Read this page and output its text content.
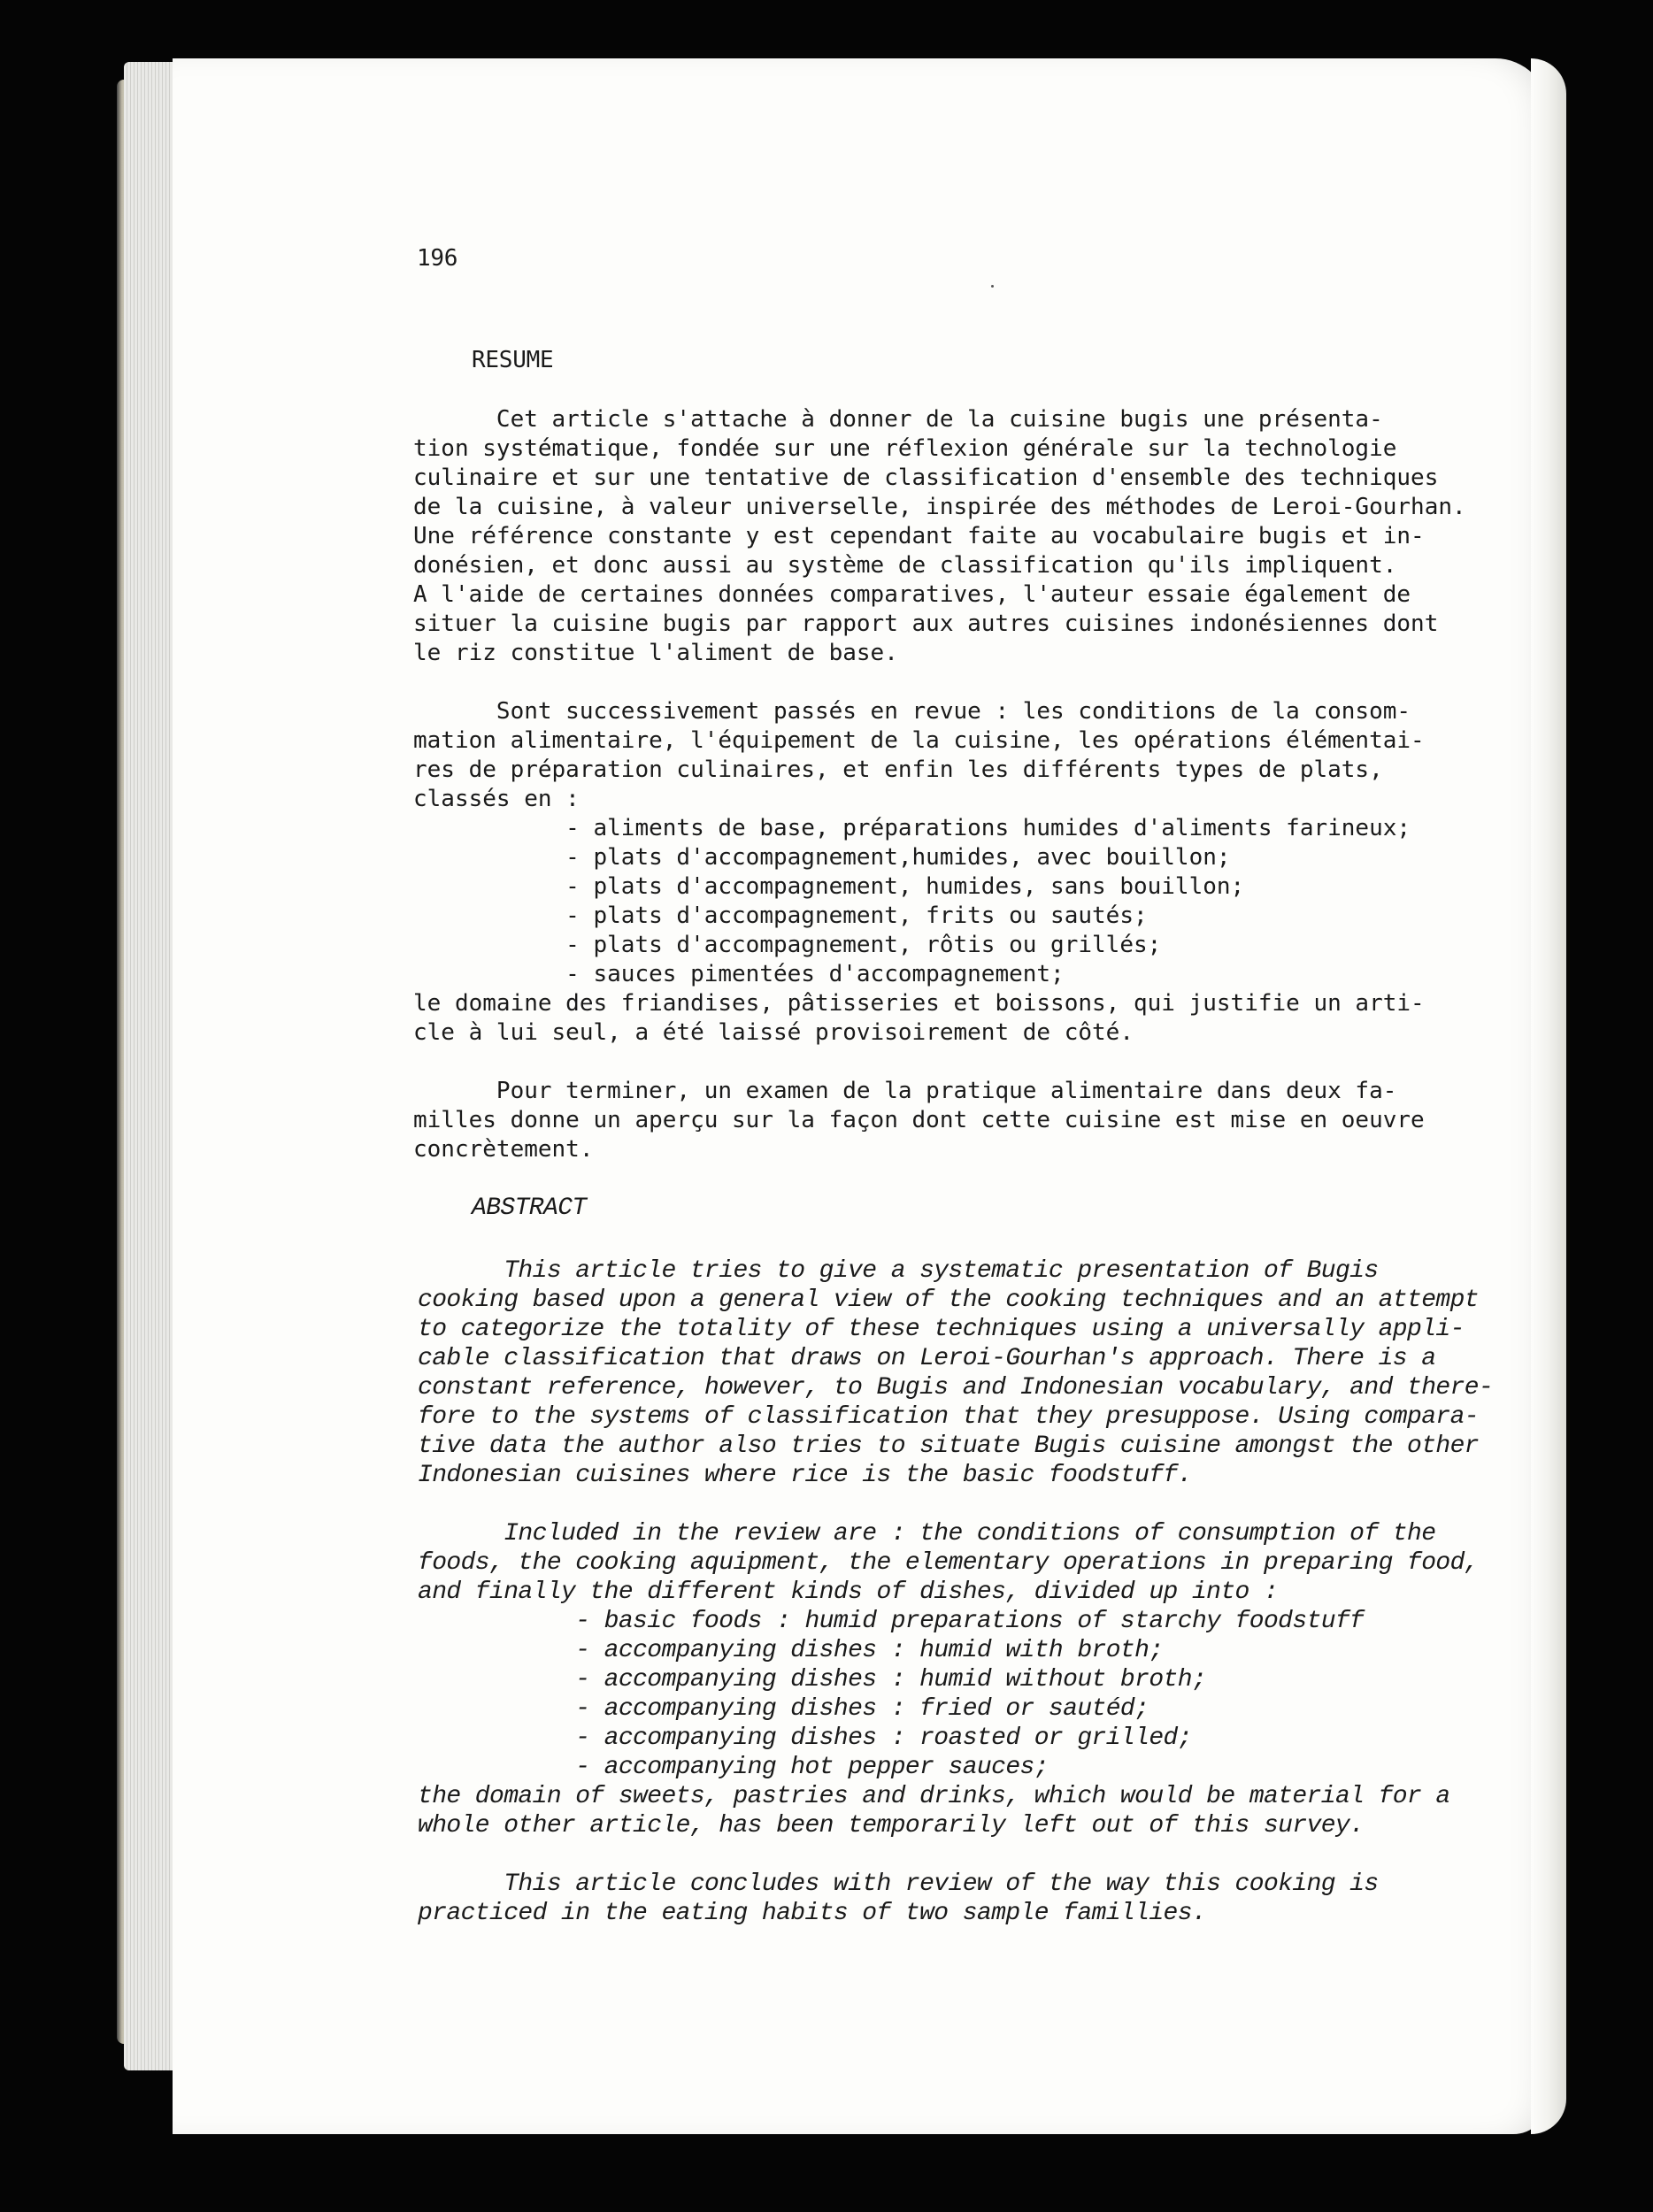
196
RESUME
Cet article s'attache à donner de la cuisine bugis une présenta-
tion systématique, fondée sur une réflexion générale sur la technologie
culinaire et sur une tentative de classification d'ensemble des techniques
de la cuisine, à valeur universelle, inspirée des méthodes de Leroi-Gourhan.
Une référence constante y est cependant faite au vocabulaire bugis et in-
donésien, et donc aussi au système de classification qu'ils impliquent.
A l'aide de certaines données comparatives, l'auteur essaie également de
situer la cuisine bugis par rapport aux autres cuisines indonésiennes dont
le riz constitue l'aliment de base.
Sont successivement passés en revue : les conditions de la consom-
mation alimentaire, l'équipement de la cuisine, les opérations élémentai-
res de préparation culinaires, et enfin les différents types de plats,
classés en :
- aliments de base, préparations humides d'aliments farineux;
- plats d'accompagnement,humides, avec bouillon;
- plats d'accompagnement, humides, sans bouillon;
- plats d'accompagnement, frits ou sautés;
- plats d'accompagnement, rôtis ou grillés;
- sauces pimentées d'accompagnement;
le domaine des friandises, pâtisseries et boissons, qui justifie un arti-
cle à lui seul, a été laissé provisoirement de côté.
Pour terminer, un examen de la pratique alimentaire dans deux fa-
milles donne un aperçu sur la façon dont cette cuisine est mise en oeuvre
concrètement.
ABSTRACT
This article tries to give a systematic presentation of Bugis
cooking based upon a general view of the cooking techniques and an attempt
to categorize the totality of these techniques using a universally appli-
cable classification that draws on Leroi-Gourhan's approach. There is a
constant reference, however, to Bugis and Indonesian vocabulary, and there-
fore to the systems of classification that they presuppose. Using compara-
tive data the author also tries to situate Bugis cuisine amongst the other
Indonesian cuisines where rice is the basic foodstuff.
Included in the review are : the conditions of consumption of the
foods, the cooking aquipment, the elementary operations in preparing food,
and finally the different kinds of dishes, divided up into :
- basic foods : humid preparations of starchy foodstuff
- accompanying dishes : humid with broth;
- accompanying dishes : humid without broth;
- accompanying dishes : fried or sautéd;
- accompanying dishes : roasted or grilled;
- accompanying hot pepper sauces;
the domain of sweets, pastries and drinks, which would be material for a
whole other article, has been temporarily left out of this survey.
This article concludes with review of the way this cooking is
practiced in the eating habits of two sample famillies.
